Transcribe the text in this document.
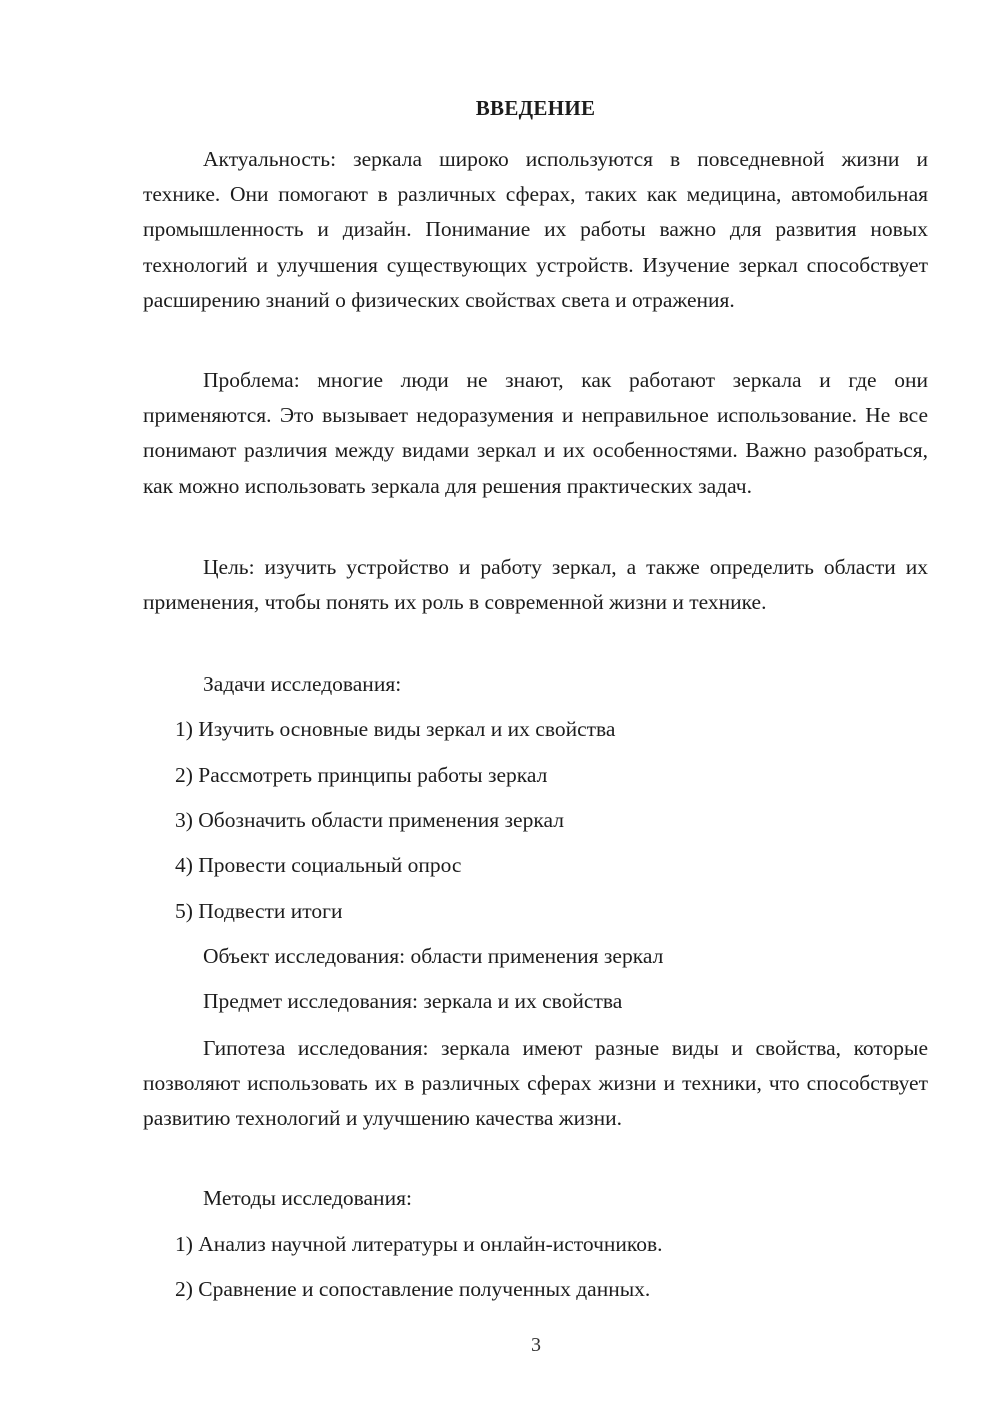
ВВЕДЕНИЕ

Актуальность: зеркала широко используются в повседневной жизни и технике. Они помогают в различных сферах, таких как медицина, автомобильная промышленность и дизайн. Понимание их работы важно для развития новых технологий и улучшения существующих устройств. Изучение зеркал способствует расширению знаний о физических свойствах света и отражения.

Проблема: многие люди не знают, как работают зеркала и где они применяются. Это вызывает недоразумения и неправильное использование. Не все понимают различия между видами зеркал и их особенностями. Важно разобраться, как можно использовать зеркала для решения практических задач.

Цель: изучить устройство и работу зеркал, а также определить области их применения, чтобы понять их роль в современной жизни и технике.

Задачи исследования:

1) Изучить основные виды зеркал и их свойства

2) Рассмотреть принципы работы зеркал

3) Обозначить области применения зеркал

4) Провести социальный опрос

5) Подвести итоги

Объект исследования: области применения зеркал

Предмет исследования: зеркала и их свойства

Гипотеза исследования: зеркала имеют разные виды и свойства, которые позволяют использовать их в различных сферах жизни и техники, что способствует развитию технологий и улучшению качества жизни.

Методы исследования:

1) Анализ научной литературы и онлайн-источников.

2) Сравнение и сопоставление полученных данных.

3
